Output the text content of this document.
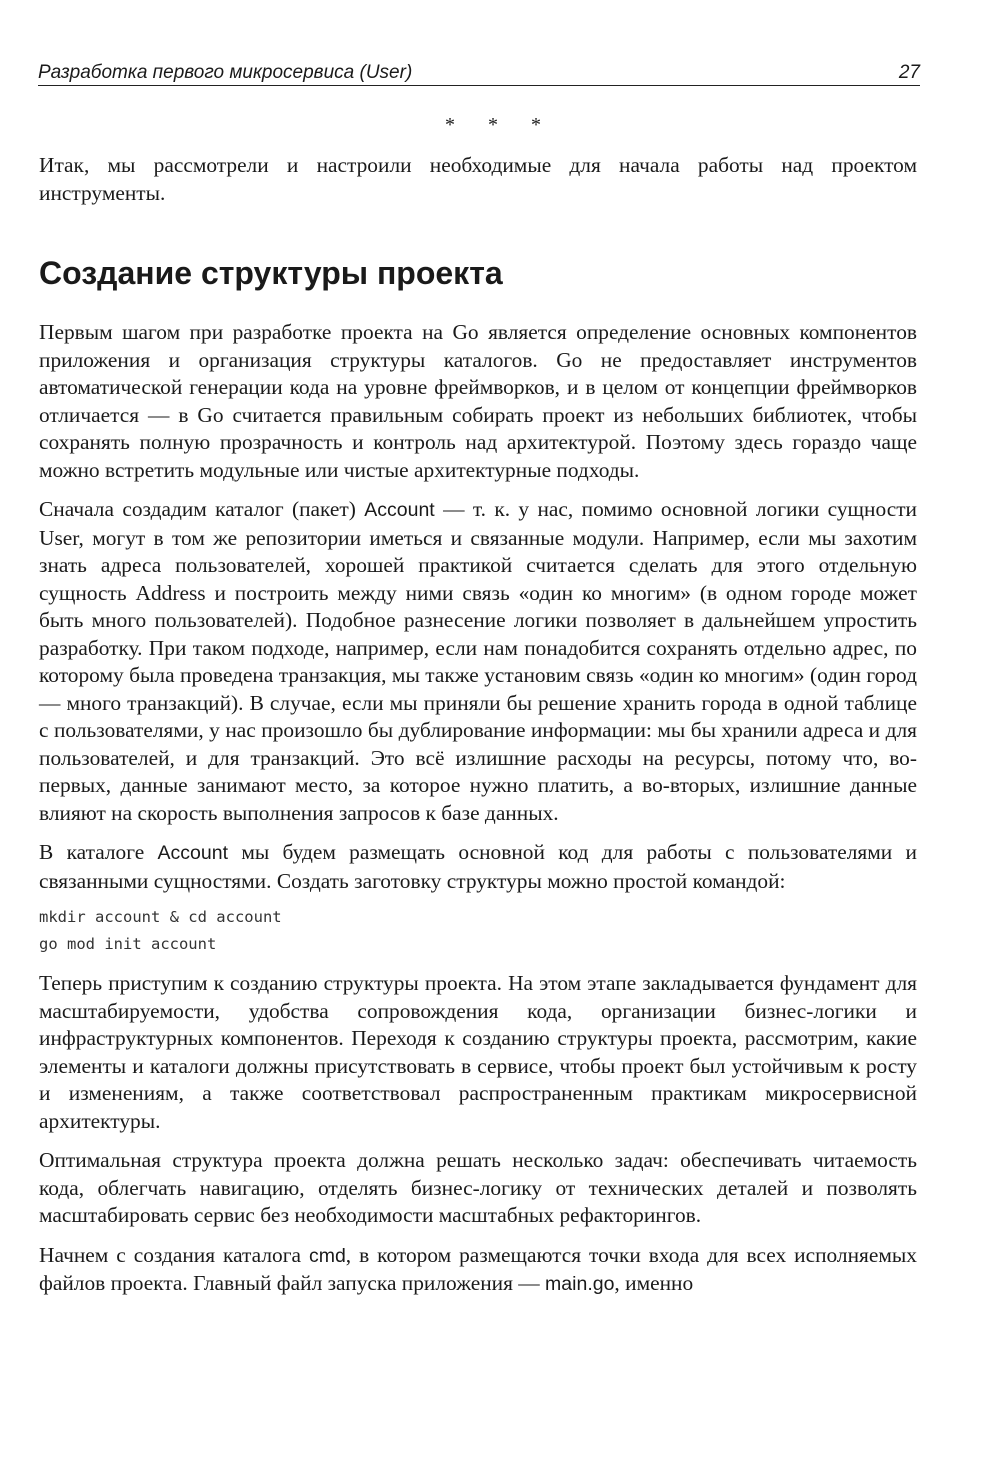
Разработка первого микросервиса (User)	27
* * *

Итак, мы рассмотрели и настроили необходимые для начала работы над проектом инструменты.

Создание структуры проекта

Первым шагом при разработке проекта на Go является определение основных компонентов приложения и организация структуры каталогов. Go не предоставляет инструментов автоматической генерации кода на уровне фреймворков, и в целом от концепции фреймворков отличается — в Go считается правильным собирать проект из небольших библиотек, чтобы сохранять полную прозрачность и контроль над архитектурой. Поэтому здесь гораздо чаще можно встретить модульные или чистые архитектурные подходы.

Сначала создадим каталог (пакет) Account — т. к. у нас, помимо основной логики сущности User, могут в том же репозитории иметься и связанные модули. Например, если мы захотим знать адреса пользователей, хорошей практикой считается сделать для этого отдельную сущность Address и построить между ними связь «один ко многим» (в одном городе может быть много пользователей). Подобное разнесение логики позволяет в дальнейшем упростить разработку. При таком подходе, например, если нам понадобится сохранять отдельно адрес, по которому была проведена транзакция, мы также установим связь «один ко многим» (один город — много транзакций). В случае, если мы приняли бы решение хранить города в одной таблице с пользователями, у нас произошло бы дублирование информации: мы бы хранили адреса и для пользователей, и для транзакций. Это всё излишние расходы на ресурсы, потому что, во-первых, данные занимают место, за которое нужно платить, а во-вторых, излишние данные влияют на скорость выполнения запросов к базе данных.

В каталоге Account мы будем размещать основной код для работы с пользователями и связанными сущностями. Создать заготовку структуры можно простой командой:

mkdir account & cd account
go mod init account

Теперь приступим к созданию структуры проекта. На этом этапе закладывается фундамент для масштабируемости, удобства сопровождения кода, организации бизнес-логики и инфраструктурных компонентов. Переходя к созданию структуры проекта, рассмотрим, какие элементы и каталоги должны присутствовать в сервисе, чтобы проект был устойчивым к росту и изменениям, а также соответствовал распространенным практикам микросервисной архитектуры.

Оптимальная структура проекта должна решать несколько задач: обеспечивать читаемость кода, облегчать навигацию, отделять бизнес-логику от технических деталей и позволять масштабировать сервис без необходимости масштабных рефакторингов.

Начнем с создания каталога cmd, в котором размещаются точки входа для всех исполняемых файлов проекта. Главный файл запуска приложения — main.go, именно
